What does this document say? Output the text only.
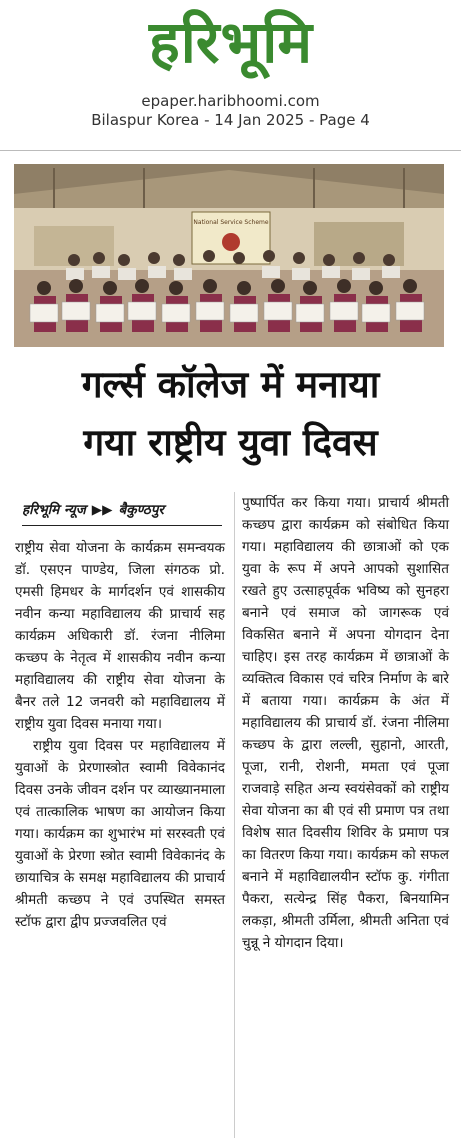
हरिभूमि
epaper.haribhoomi.com
Bilaspur Korea - 14 Jan 2025 - Page 4
National Service Scheme
गर्ल्स कॉलेज में मनाया
गया राष्ट्रीय युवा दिवस
हरिभूमि न्यूज ▶▶ बैकुण्ठपुर

राष्ट्रीय सेवा योजना के कार्यक्रम समन्वयक डॉ. एसएन पाण्डेय, जिला संगठक प्रो. एमसी हिमधर के मार्गदर्शन एवं शासकीय नवीन कन्या महाविद्यालय की प्राचार्य सह कार्यक्रम अधिकारी डॉ. रंजना नीलिमा कच्छप के नेतृत्व में शासकीय नवीन कन्या महाविद्यालय की राष्ट्रीय सेवा योजना के बैनर तले 12 जनवरी को महाविद्यालय में राष्ट्रीय युवा दिवस मनाया गया।

राष्ट्रीय युवा दिवस पर महाविद्यालय में युवाओं के प्रेरणास्त्रोत स्वामी विवेकानंद दिवस उनके जीवन दर्शन पर व्याख्यानमाला एवं तात्कालिक भाषण का आयोजन किया गया। कार्यक्रम का शुभारंभ मां सरस्वती एवं युवाओं के प्रेरणा स्त्रोत स्वामी विवेकानंद के छायाचित्र के समक्ष महाविद्यालय की प्राचार्य श्रीमती कच्छप ने एवं उपस्थित समस्त स्टॉफ द्वारा द्वीप प्रज्जवलित एवं

पुष्पार्पित कर किया गया। प्राचार्य श्रीमती कच्छप द्वारा कार्यक्रम को संबोधित किया गया। महाविद्यालय की छात्राओं को एक युवा के रूप में अपने आपको सुशासित रखते हुए उत्साहपूर्वक भविष्य को सुनहरा बनाने एवं समाज को जागरूक एवं विकसित बनाने में अपना योगदान देना चाहिए। इस तरह कार्यक्रम में छात्राओं के व्यक्तित्व विकास एवं चरित्र निर्माण के बारे में बताया गया। कार्यक्रम के अंत में महाविद्यालय की प्राचार्य डॉ. रंजना नीलिमा कच्छप के द्वारा लल्ली, सुहानो, आरती, पूजा, रानी, रोशनी, ममता एवं पूजा राजवाड़े सहित अन्य स्वयंसेवकों को राष्ट्रीय सेवा योजना का बी एवं सी प्रमाण पत्र तथा विशेष सात दिवसीय शिविर के प्रमाण पत्र का वितरण किया गया। कार्यक्रम को सफल बनाने में महाविद्यालयीन स्टॉफ कु. गंगीता पैकरा, सत्येन्द्र सिंह पैकरा, बिनयामिन लकड़ा, श्रीमती उर्मिला, श्रीमती अनिता एवं चुन्नू ने योगदान दिया।
